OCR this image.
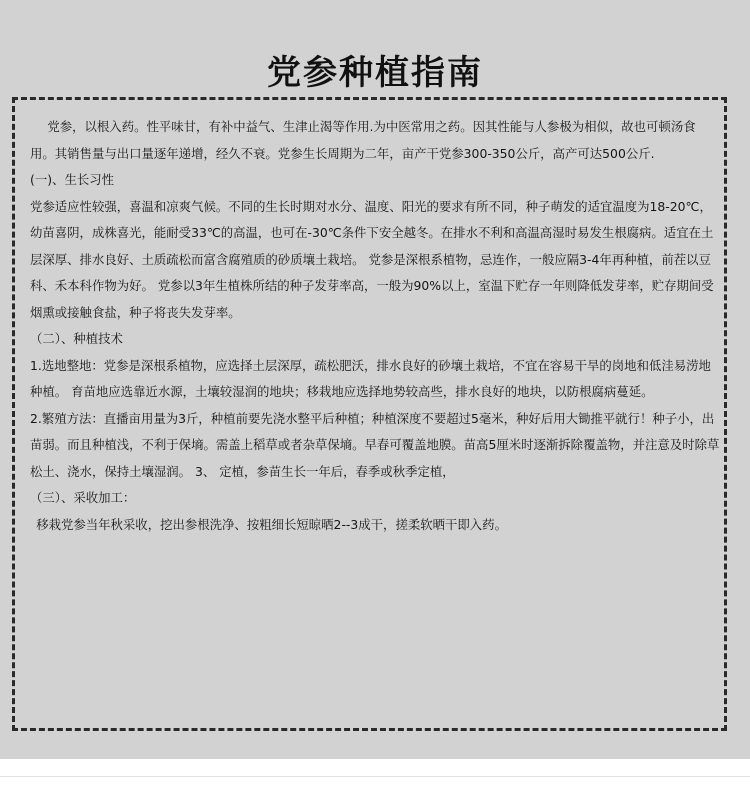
党参种植指南

党参，以根入药。性平味甘，有补中益气、生津止渴等作用.为中医常用之药。因其性能与人参极为相似，故也可顿汤食用。其销售量与出口量逐年递增，经久不衰。党参生长周期为二年，亩产干党参300-350公斤，高产可达500公斤.

(一)、生长习性

党参适应性较强，喜温和凉爽气候。不同的生长时期对水分、温度、阳光的要求有所不同，种子萌发的适宜温度为18-20℃，幼苗喜阴，成株喜光，能耐受33℃的高温，也可在-30℃条件下安全越冬。在排水不利和高温高湿时易发生根腐病。适宜在土层深厚、排水良好、土质疏松而富含腐殖质的砂质壤土栽培。 党参是深根系植物，忌连作，一般应隔3-4年再种植，前茬以豆科、禾本科作物为好。 党参以3年生植株所结的种子发芽率高，一般为90%以上，室温下贮存一年则降低发芽率，贮存期间受烟熏或接触食盐，种子将丧失发芽率。

（二）、种植技术

1.选地整地：党参是深根系植物，应选择土层深厚，疏松肥沃，排水良好的砂壤土栽培，不宜在容易干旱的岗地和低洼易涝地种植。 育苗地应选靠近水源，土壤较湿润的地块；移栽地应选择地势较高些，排水良好的地块，以防根腐病蔓延。

2.繁殖方法：直播亩用量为3斤，种植前要先浇水整平后种植；种植深度不要超过5毫米，种好后用大锄推平就行！种子小，出苗弱。而且种植浅，不利于保墒。需盖上稻草或者杂草保墒。早春可覆盖地膜。苗高5厘米时逐渐拆除覆盖物，并注意及时除草松土、浇水，保持土壤湿润。 3、 定植，参苗生长一年后，春季或秋季定植，

（三）、采收加工：

移栽党参当年秋采收，挖出参根洗净、按粗细长短晾晒2--3成干，搓柔软晒干即入药。
